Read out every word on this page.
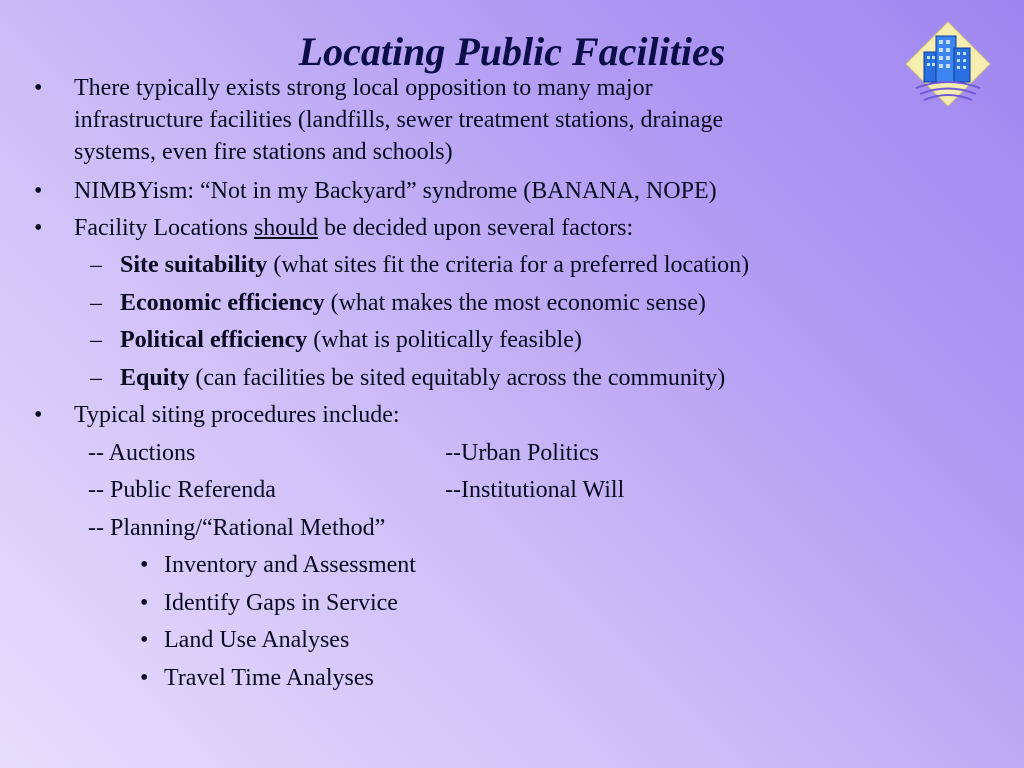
Locating Public Facilities
• There typically exists strong local opposition to many major
infrastructure facilities (landfills, sewer treatment stations, drainage
systems, even fire stations and schools)
• NIMBYism: “Not in my Backyard” syndrome (BANANA, NOPE)
• Facility Locations should be decided upon several factors:
– Site suitability (what sites fit the criteria for a preferred location)
– Economic efficiency (what makes the most economic sense)
– Political efficiency (what is politically feasible)
– Equity (can facilities be sited equitably across the community)
• Typical siting procedures include:
-- Auctions	--Urban Politics
-- Public Referenda	--Institutional Will
-- Planning/“Rational Method”
• Inventory and Assessment
• Identify Gaps in Service
• Land Use Analyses
• Travel Time Analyses
